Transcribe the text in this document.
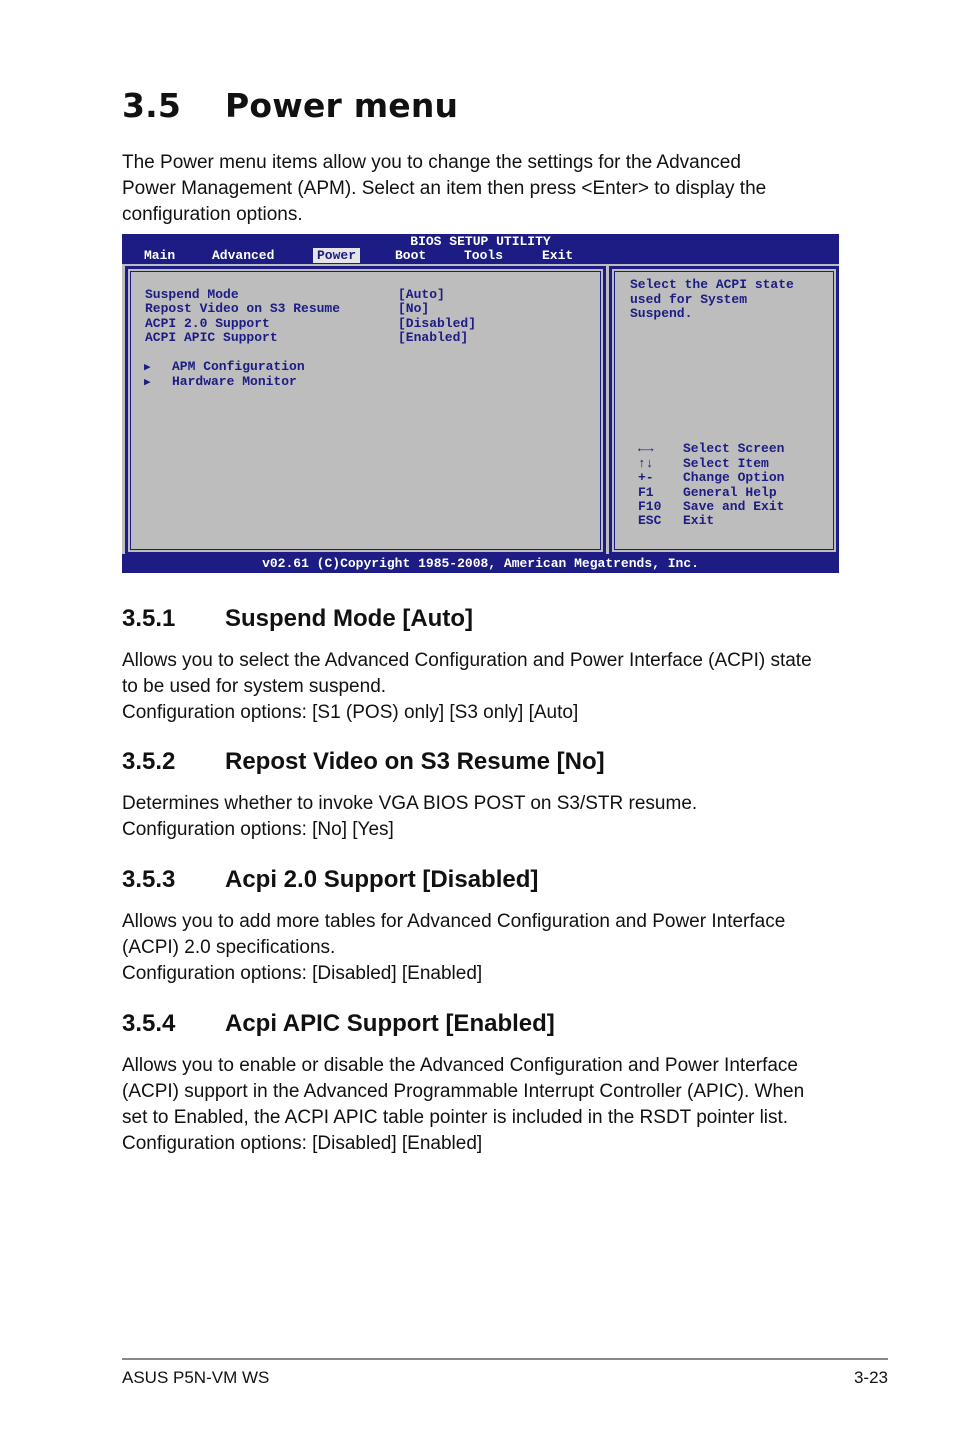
3.5 Power menu
The Power menu items allow you to change the settings for the Advanced
Power Management (APM). Select an item then press <Enter> to display the
configuration options.
BIOS SETUP UTILITY
Main	Advanced	Power	Boot	Tools	Exit
Suspend Mode	[Auto]
Repost Video on S3 Resume	[No]
ACPI 2.0 Support	[Disabled]
ACPI APIC Support	[Enabled]
▶ APM Configuration
▶ Hardware Monitor
Select the ACPI state
used for System
Suspend.
←→ Select Screen
↑↓ Select Item
+- Change Option
F1 General Help
F10 Save and Exit
ESC Exit
v02.61 (C)Copyright 1985-2008, American Megatrends, Inc.
3.5.1 Suspend Mode [Auto]
Allows you to select the Advanced Configuration and Power Interface (ACPI) state
to be used for system suspend.
Configuration options: [S1 (POS) only] [S3 only] [Auto]
3.5.2 Repost Video on S3 Resume [No]
Determines whether to invoke VGA BIOS POST on S3/STR resume.
Configuration options: [No] [Yes]
3.5.3 Acpi 2.0 Support [Disabled]
Allows you to add more tables for Advanced Configuration and Power Interface
(ACPI) 2.0 specifications.
Configuration options: [Disabled] [Enabled]
3.5.4 Acpi APIC Support [Enabled]
Allows you to enable or disable the Advanced Configuration and Power Interface
(ACPI) support in the Advanced Programmable Interrupt Controller (APIC). When
set to Enabled, the ACPI APIC table pointer is included in the RSDT pointer list.
Configuration options: [Disabled] [Enabled]
ASUS P5N-VM WS	3-23
